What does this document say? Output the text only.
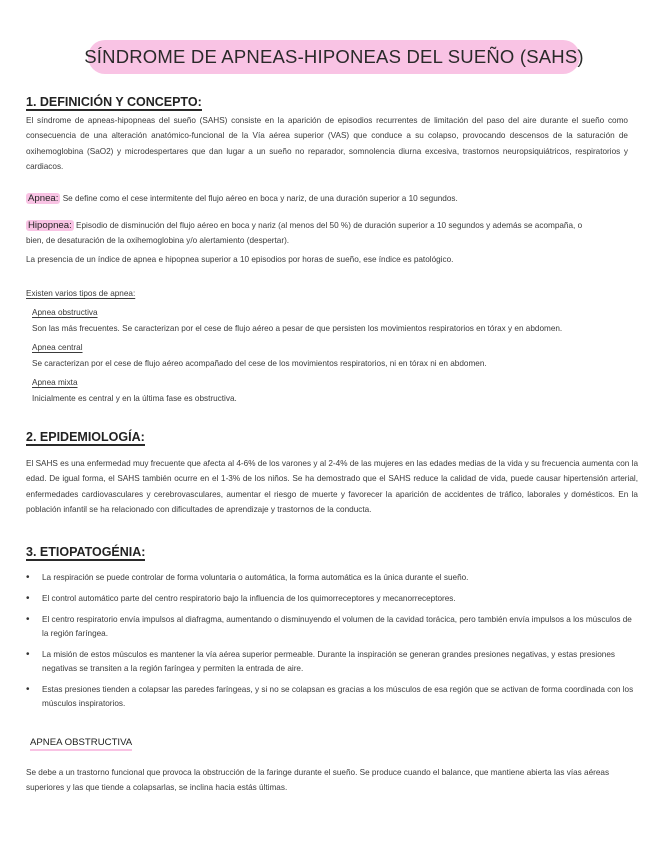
SÍNDROME DE APNEAS-HIPONEAS DEL SUEÑO (SAHS)
1. DEFINICIÓN Y CONCEPTO:
El síndrome de apneas-hipopneas del sueño (SAHS) consiste en la aparición de episodios recurrentes de limitación del paso del aire durante el sueño como consecuencia de una alteración anatómico-funcional de la Vía aérea superior (VAS) que conduce a su colapso, provocando descensos de la saturación de oxihemoglobina (SaO2) y microdespertares que dan lugar a un sueño no reparador, somnolencia diurna excesiva, trastornos neuropsiquiátricos, respiratorios y cardiacos.
Apnea: Se define como el cese intermitente del flujo aéreo en boca y nariz, de una duración superior a 10 segundos.
Hipopnea: Episodio de disminución del flujo aéreo en boca y nariz (al menos del 50 %) de duración superior a 10 segundos y además se acompaña, o bien, de desaturación de la oxihemoglobina y/o alertamiento (despertar).
La presencia de un índice de apnea e hipopnea superior a 10 episodios por horas de sueño, ese índice es patológico.
Existen varios tipos de apnea:
Apnea obstructiva
Son las más frecuentes. Se caracterizan por el cese de flujo aéreo a pesar de que persisten los movimientos respiratorios en tórax y en abdomen.
Apnea central
Se caracterizan por el cese de flujo aéreo acompañado del cese de los movimientos respiratorios, ni en tórax ni en abdomen.
Apnea mixta
Inicialmente es central y en la última fase es obstructiva.
2. EPIDEMIOLOGÍA:
El SAHS es una enfermedad muy frecuente que afecta al 4-6% de los varones y al 2-4% de las mujeres en las edades medias de la vida y su frecuencia aumenta con la edad. De igual forma, el SAHS también ocurre en el 1-3% de los niños. Se ha demostrado que el SAHS reduce la calidad de vida, puede causar hipertensión arterial, enfermedades cardiovasculares y cerebrovasculares, aumentar el riesgo de muerte y favorecer la aparición de accidentes de tráfico, laborales y domésticos. En la población infantil se ha relacionado con dificultades de aprendizaje y trastornos de la conducta.
3. ETIOPATOGÉNIA:
• La respiración se puede controlar de forma voluntaria o automática, la forma automática es la única durante el sueño.
• El control automático parte del centro respiratorio bajo la influencia de los quimorreceptores y mecanorreceptores.
• El centro respiratorio envía impulsos al diafragma, aumentando o disminuyendo el volumen de la cavidad torácica, pero también envía impulsos a los músculos de la región faríngea.
• La misión de estos músculos es mantener la vía aérea superior permeable. Durante la inspiración se generan grandes presiones negativas, y estas presiones negativas se transiten a la región faríngea y permiten la entrada de aire.
• Estas presiones tienden a colapsar las paredes faríngeas, y si no se colapsan es gracias a los músculos de esa región que se activan de forma coordinada con los músculos inspiratorios.
APNEA OBSTRUCTIVA
Se debe a un trastorno funcional que provoca la obstrucción de la faringe durante el sueño. Se produce cuando el balance, que mantiene abierta las vías aéreas superiores y las que tiende a colapsarlas, se inclina hacia estás últimas.
